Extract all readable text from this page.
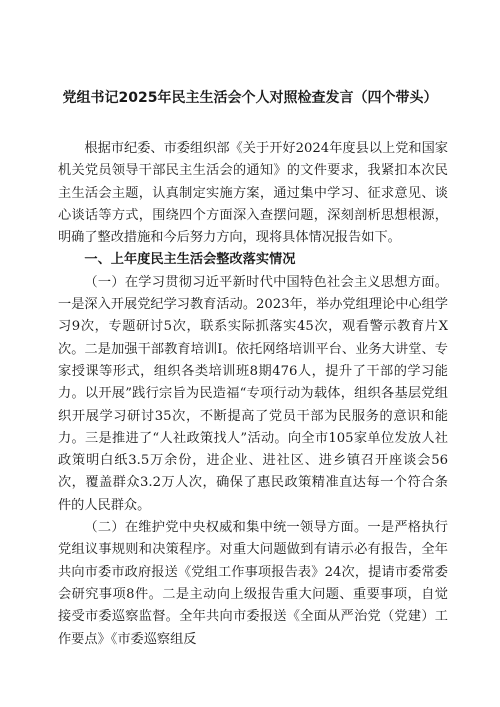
党组书记2025年民主生活会个人对照检查发言（四个带头）

根据市纪委、市委组织部《关于开好2024年度县以上党和国家机关党员领导干部民主生活会的通知》的文件要求，我紧扣本次民主生活会主题，认真制定实施方案，通过集中学习、征求意见、谈心谈话等方式，围绕四个方面深入查摆问题，深刻剖析思想根源，明确了整改措施和今后努力方向，现将具体情况报告如下。

一、上年度民主生活会整改落实情况

（一）在学习贯彻习近平新时代中国特色社会主义思想方面。一是深入开展党纪学习教育活动。2023年，举办党组理论中心组学习9次，专题研讨5次，联系实际抓落实45次，观看警示教育片X次。二是加强干部教育培训I。依托网络培训平台、业务大讲堂、专家授课等形式，组织各类培训班8期476人，提升了干部的学习能力。以开展”践行宗旨为民造福“专项行动为载体，组织各基层党组织开展学习研讨35次，不断提高了党员干部为民服务的意识和能力。三是推进了“人社政策找人”活动。向全市105家单位发放人社政策明白纸3.5万余份，进企业、进社区、进乡镇召开座谈会56次，覆盖群众3.2万人次，确保了惠民政策精准直达每一个符合条件的人民群众。

（二）在维护党中央权威和集中统一领导方面。一是严格执行党组议事规则和决策程序。对重大问题做到有请示必有报告，全年共向市委市政府报送《党组工作事项报告表》24次，提请市委常委会研究事项8件。二是主动向上级报告重大问题、重要事项，自觉接受市委巡察监督。全年共向市委报送《全面从严治党（党建）工作要点》《市委巡察组反
